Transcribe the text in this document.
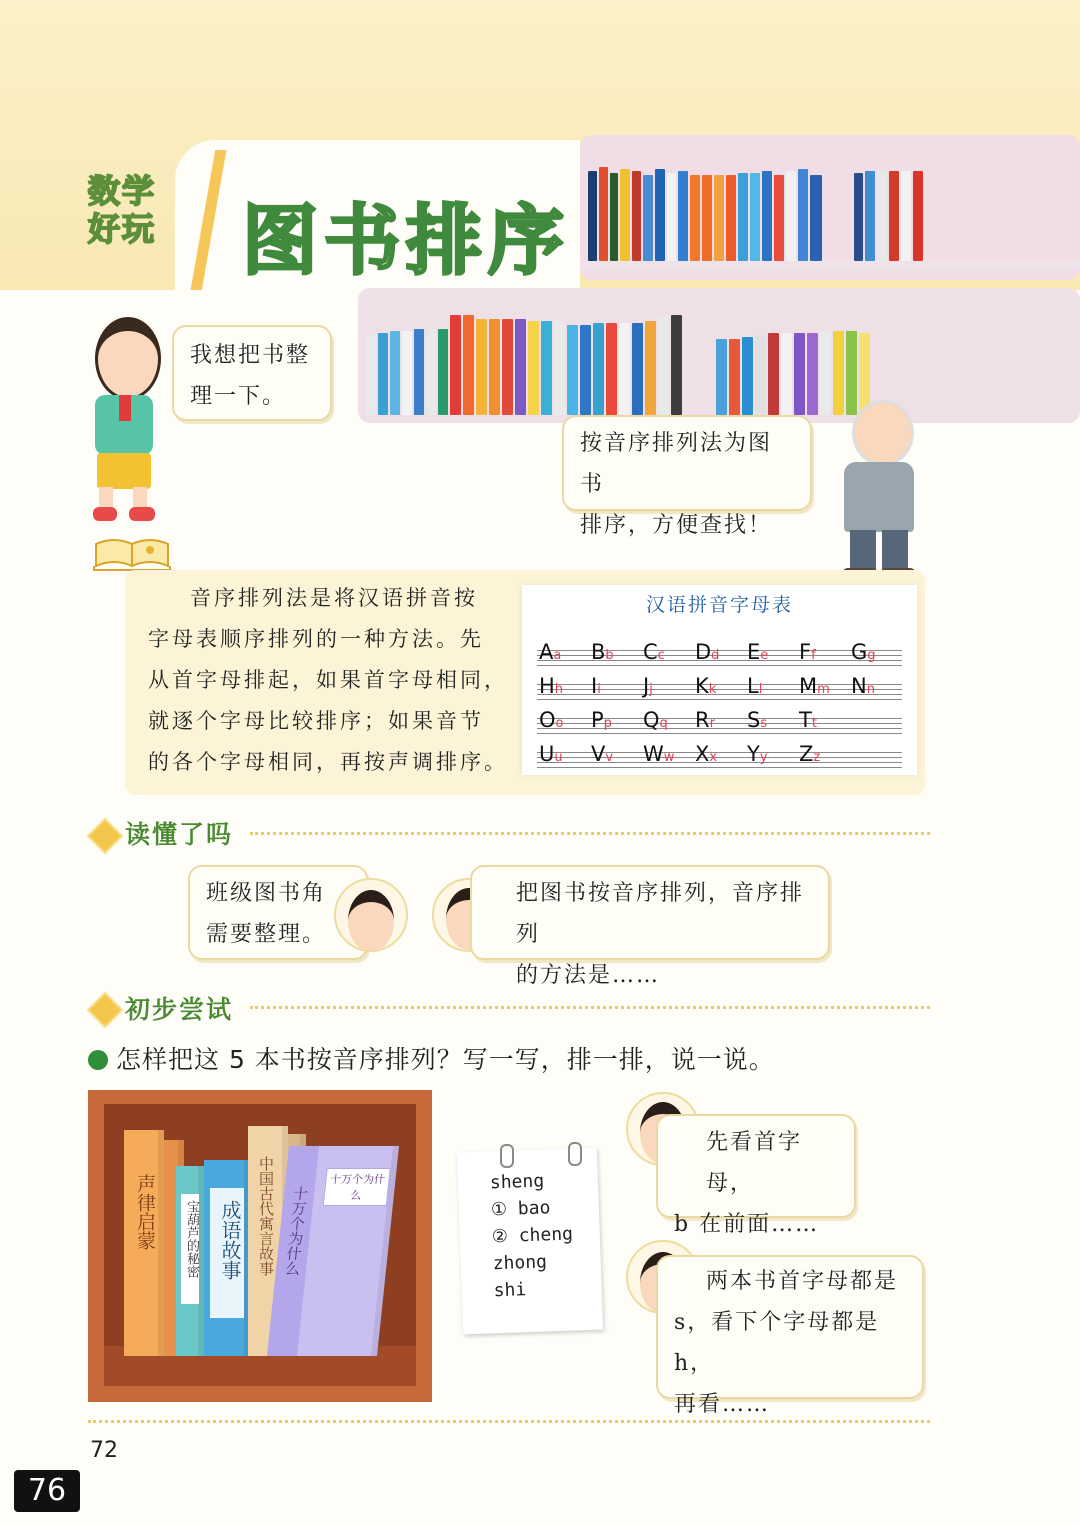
数学
好玩 图书排序
我想把书整
理一下。
按音序排列法为图书
排序，方便查找！

音序排列法是将汉语拼音按

字母表顺序排列的一种方法。先
从首字母排起，如果首字母相同，
就逐个字母比较排序；如果音节
的各个字母相同，再按声调排序。
汉语拼音字母表
Aa Bb Cc Dd Ee Ff Gg
Hh Ii Jj Kk Ll Mm Nn
Oo Pp Qq Rr Ss Tt
Uu Vv Ww Xx Yy Zz
读懂了吗
班级图书角
需要整理。
把图书按音序排列，音序排列
的方法是……
初步尝试
怎样把这 5 本书按音序排列？写一写，排一排，说一说。
声律启蒙 宝葫芦的秘密 成语故事 中国古代寓言故事 十万个为什么
十万个为什么
sheng
① bao
② cheng
zhong
shi
先看首字母，
b 在前面……
两本书首字母都是
s，看下个字母都是 h，
再看……
72
76
